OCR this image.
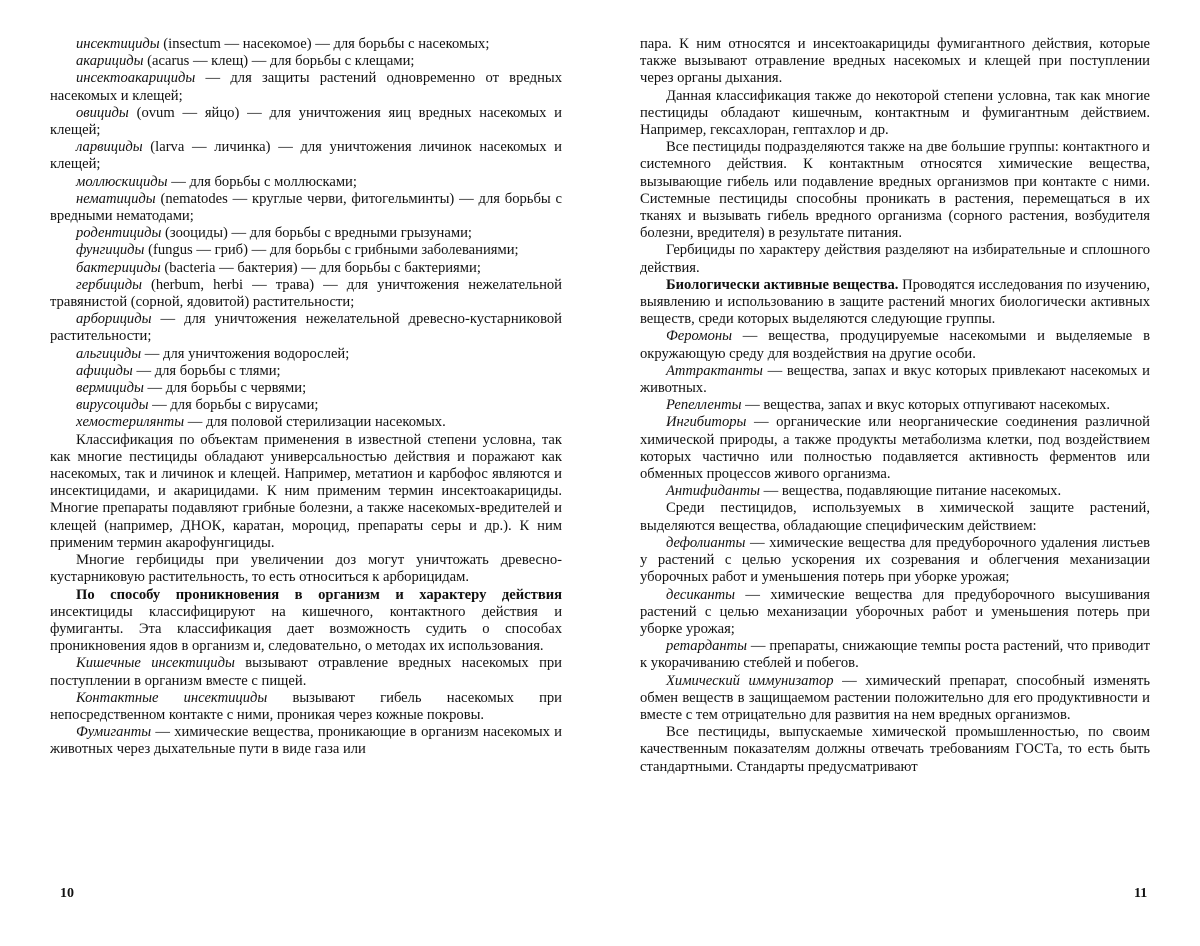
инсектициды (insectum — насекомое) — для борьбы с насекомых;

акарициды (acarus — клещ) — для борьбы с клещами;

инсектоакарициды — для защиты растений одновременно от вредных насекомых и клещей;

овициды (ovum — яйцо) — для уничтожения яиц вредных насекомых и клещей;

ларвициды (larva — личинка) — для уничтожения личинок насекомых и клещей;

моллюскициды — для борьбы с моллюсками;

нематициды (nematodes — круглые черви, фитогельминты) — для борьбы с вредными нематодами;

родентициды (зооциды) — для борьбы с вредными грызунами;

фунгициды (fungus — гриб) — для борьбы с грибными заболеваниями;

бактерициды (bacteria — бактерия) — для борьбы с бактериями;

гербициды (herbum, herbi — трава) — для уничтожения нежелательной травянистой (сорной, ядовитой) растительности;

арборициды — для уничтожения нежелательной древесно-кустарниковой растительности;

альгициды — для уничтожения водорослей;

афициды — для борьбы с тлями;

вермициды — для борьбы с червями;

вирусоциды — для борьбы с вирусами;

хемостерилянты — для половой стерилизации насекомых.

Классификация по объектам применения в известной степени условна, так как многие пестициды обладают универсальностью действия и поражают как насекомых, так и личинок и клещей. Например, метатион и карбофос являются и инсектицидами, и акарицидами. К ним применим термин инсектоакарициды. Многие препараты подавляют грибные болезни, а также насекомых-вредителей и клещей (например, ДНОК, каратан, мороцид, препараты серы и др.). К ним применим термин акарофунгициды.

Многие гербициды при увеличении доз могут уничтожать древесно-кустарниковую растительность, то есть относиться к арборицидам.

По способу проникновения в организм и характеру действия инсектициды классифицируют на кишечного, контактного действия и фумиганты. Эта классификация дает возможность судить о способах проникновения ядов в организм и, следовательно, о методах их использования.

Кишечные инсектициды вызывают отравление вредных насекомых при поступлении в организм вместе с пищей.

Контактные инсектициды вызывают гибель насекомых при непосредственном контакте с ними, проникая через кожные покровы.

Фумиганты — химические вещества, проникающие в организм насекомых и животных через дыхательные пути в виде газа или

пара. К ним относятся и инсектоакарициды фумигантного действия, которые также вызывают отравление вредных насекомых и клещей при поступлении через органы дыхания.

Данная классификация также до некоторой степени условна, так как многие пестициды обладают кишечным, контактным и фумигантным действием. Например, гексахлоран, гептахлор и др.

Все пестициды подразделяются также на две большие группы: контактного и системного действия. К контактным относятся химические вещества, вызывающие гибель или подавление вредных организмов при контакте с ними. Системные пестициды способны проникать в растения, перемещаться в их тканях и вызывать гибель вредного организма (сорного растения, возбудителя болезни, вредителя) в результате питания.

Гербициды по характеру действия разделяют на избирательные и сплошного действия.

Биологически активные вещества. Проводятся исследования по изучению, выявлению и использованию в защите растений многих биологически активных веществ, среди которых выделяются следующие группы.

Феромоны — вещества, продуцируемые насекомыми и выделяемые в окружающую среду для воздействия на другие особи.

Аттрактанты — вещества, запах и вкус которых привлекают насекомых и животных.

Репелленты — вещества, запах и вкус которых отпугивают насекомых.

Ингибиторы — органические или неорганические соединения различной химической природы, а также продукты метаболизма клетки, под воздействием которых частично или полностью подавляется активность ферментов или обменных процессов живого организма.

Антифиданты — вещества, подавляющие питание насекомых.

Среди пестицидов, используемых в химической защите растений, выделяются вещества, обладающие специфическим действием:

дефолианты — химические вещества для предуборочного удаления листьев у растений с целью ускорения их созревания и облегчения механизации уборочных работ и уменьшения потерь при уборке урожая;

десиканты — химические вещества для предуборочного высушивания растений с целью механизации уборочных работ и уменьшения потерь при уборке урожая;

ретарданты — препараты, снижающие темпы роста растений, что приводит к укорачиванию стеблей и побегов.

Химический иммунизатор — химический препарат, способный изменять обмен веществ в защищаемом растении положительно для его продуктивности и вместе с тем отрицательно для развития на нем вредных организмов.

Все пестициды, выпускаемые химической промышленностью, по своим качественным показателям должны отвечать требованиям ГОСТа, то есть быть стандартными. Стандарты предусматривают

10	11
